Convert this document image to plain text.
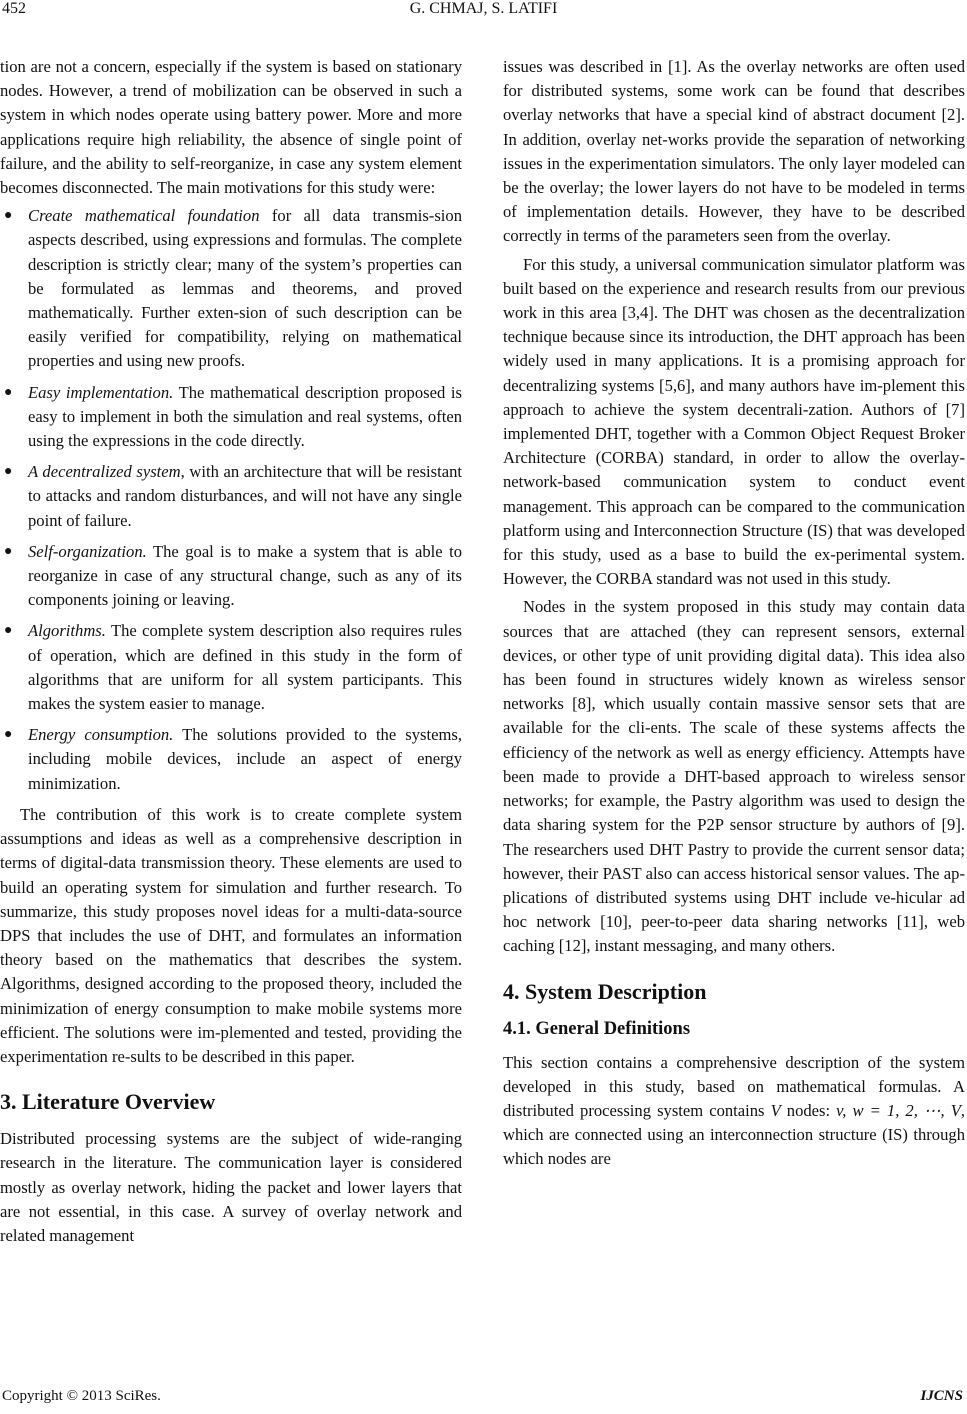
452	G. CHMAJ, S. LATIFI

tion are not a concern, especially if the system is based on stationary nodes. However, a trend of mobilization can be observed in such a system in which nodes operate using battery power. More and more applications require high reliability, the absence of single point of failure, and the ability to self-reorganize, in case any system element becomes disconnected. The main motivations for this study were:

● Create mathematical foundation for all data transmis-sion aspects described, using expressions and formulas. The complete description is strictly clear; many of the system’s properties can be formulated as lemmas and theorems, and proved mathematically. Further exten-sion of such description can be easily verified for compatibility, relying on mathematical properties and using new proofs.
● Easy implementation. The mathematical description proposed is easy to implement in both the simulation and real systems, often using the expressions in the code directly.
● A decentralized system, with an architecture that will be resistant to attacks and random disturbances, and will not have any single point of failure.
● Self-organization. The goal is to make a system that is able to reorganize in case of any structural change, such as any of its components joining or leaving.
● Algorithms. The complete system description also requires rules of operation, which are defined in this study in the form of algorithms that are uniform for all system participants. This makes the system easier to manage.
● Energy consumption. The solutions provided to the systems, including mobile devices, include an aspect of energy minimization.

The contribution of this work is to create complete system assumptions and ideas as well as a comprehensive description in terms of digital-data transmission theory. These elements are used to build an operating system for simulation and further research. To summarize, this study proposes novel ideas for a multi-data-source DPS that includes the use of DHT, and formulates an information theory based on the mathematics that describes the system. Algorithms, designed according to the proposed theory, included the minimization of energy consumption to make mobile systems more efficient. The solutions were im-plemented and tested, providing the experimentation re-sults to be described in this paper.

3. Literature Overview

Distributed processing systems are the subject of wide-ranging research in the literature. The communication layer is considered mostly as overlay network, hiding the packet and lower layers that are not essential, in this case. A survey of overlay network and related management

issues was described in [1]. As the overlay networks are often used for distributed systems, some work can be found that describes overlay networks that have a special kind of abstract document [2]. In addition, overlay net-works provide the separation of networking issues in the experimentation simulators. The only layer modeled can be the overlay; the lower layers do not have to be modeled in terms of implementation details. However, they have to be described correctly in terms of the parameters seen from the overlay.

For this study, a universal communication simulator platform was built based on the experience and research results from our previous work in this area [3,4]. The DHT was chosen as the decentralization technique because since its introduction, the DHT approach has been widely used in many applications. It is a promising approach for decentralizing systems [5,6], and many authors have im-plement this approach to achieve the system decentrali-zation. Authors of [7] implemented DHT, together with a Common Object Request Broker Architecture (CORBA) standard, in order to allow the overlay-network-based communication system to conduct event management. This approach can be compared to the communication platform using and Interconnection Structure (IS) that was developed for this study, used as a base to build the ex-perimental system. However, the CORBA standard was not used in this study.

Nodes in the system proposed in this study may contain data sources that are attached (they can represent sensors, external devices, or other type of unit providing digital data). This idea also has been found in structures widely known as wireless sensor networks [8], which usually contain massive sensor sets that are available for the cli-ents. The scale of these systems affects the efficiency of the network as well as energy efficiency. Attempts have been made to provide a DHT-based approach to wireless sensor networks; for example, the Pastry algorithm was used to design the data sharing system for the P2P sensor structure by authors of [9]. The researchers used DHT Pastry to provide the current sensor data; however, their PAST also can access historical sensor values. The ap-plications of distributed systems using DHT include ve-hicular ad hoc network [10], peer-to-peer data sharing networks [11], web caching [12], instant messaging, and many others.

4. System Description
4.1. General Definitions

This section contains a comprehensive description of the system developed in this study, based on mathematical formulas. A distributed processing system contains V nodes: v, w = 1, 2, ⋯, V, which are connected using an interconnection structure (IS) through which nodes are

Copyright © 2013 SciRes.	IJCNS
